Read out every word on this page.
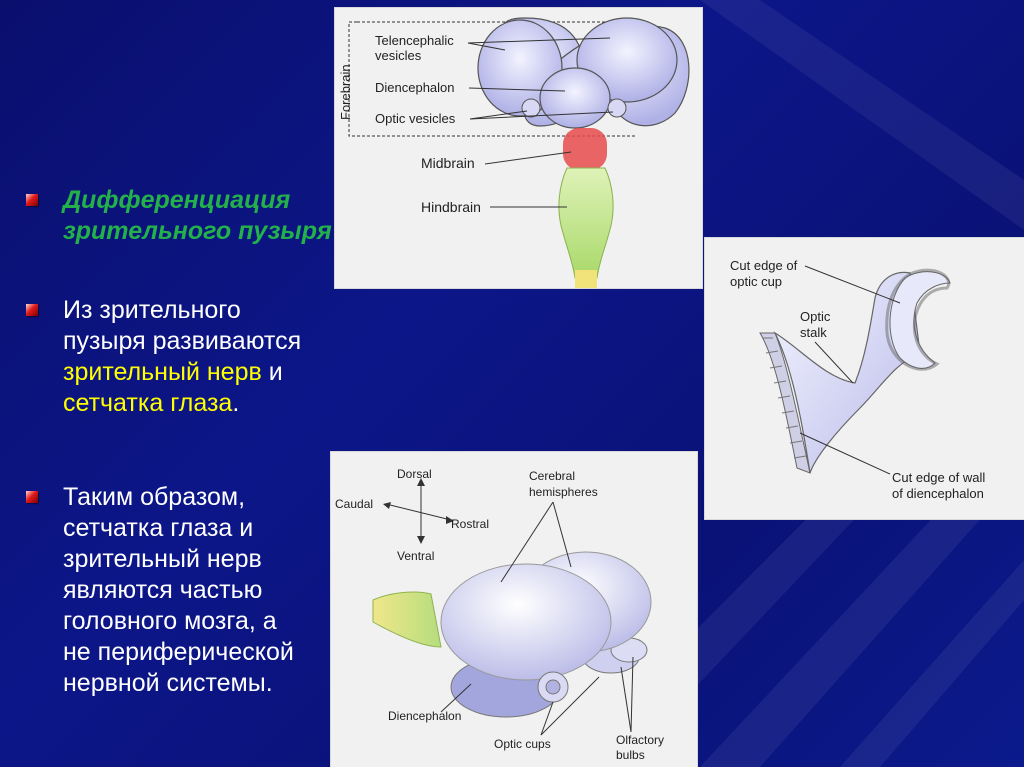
Дифференциация зрительного пузыря
Из зрительного
пузыря развиваются
зрительный нерв и
сетчатка глаза.
Таким образом,
сетчатка глаза и
зрительный нерв
являются частью
головного мозга, а
не периферической
нервной системы.
Forebrain
Telencephalic
vesicles
Diencephalon
Optic vesicles
Midbrain
Hindbrain
Cut edge of
optic cup
Optic
stalk
Cut edge of wall
of diencephalon
Dorsal
Caudal
Rostral
Ventral
Cerebral
hemispheres
Diencephalon
Optic cups	Olfactory
bulbs
